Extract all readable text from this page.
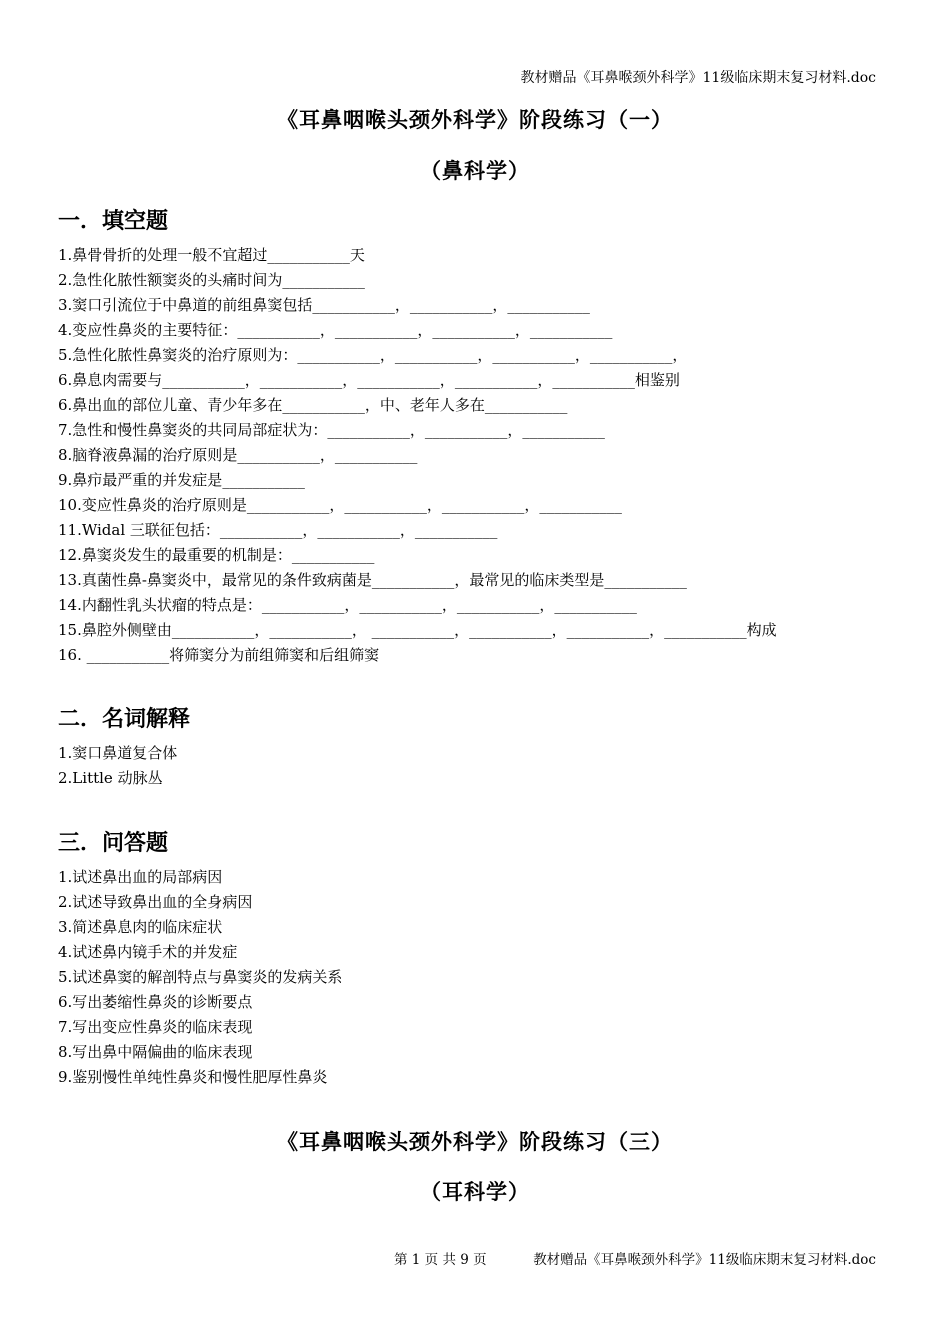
教材赠品《耳鼻喉颈外科学》11级临床期末复习材料.doc
《耳鼻咽喉头颈外科学》阶段练习（一）
（鼻科学）
一．填空题
1.鼻骨骨折的处理一般不宜超过___________天
2.急性化脓性额窦炎的头痛时间为___________
3.窦口引流位于中鼻道的前组鼻窦包括___________，___________，___________
4.变应性鼻炎的主要特征：___________，___________，___________，___________
5.急性化脓性鼻窦炎的治疗原则为：___________，___________，___________，___________，
6.鼻息肉需要与___________，___________，___________，___________，___________相鉴别
6.鼻出血的部位儿童、青少年多在___________，中、老年人多在___________
7.急性和慢性鼻窦炎的共同局部症状为：___________，___________，___________
8.脑脊液鼻漏的治疗原则是___________，___________
9.鼻疖最严重的并发症是___________
10.变应性鼻炎的治疗原则是___________，___________，___________，___________
11.Widal 三联征包括：___________，___________，___________
12.鼻窦炎发生的最重要的机制是：___________
13.真菌性鼻-鼻窦炎中，最常见的条件致病菌是___________，最常见的临床类型是___________
14.内翻性乳头状瘤的特点是：___________，___________，___________，___________
15.鼻腔外侧壁由___________，___________， ___________，___________，___________，___________构成
16. ___________将筛窦分为前组筛窦和后组筛窦
二．名词解释
1.窦口鼻道复合体
2.Little 动脉丛
三．问答题
1.试述鼻出血的局部病因
2.试述导致鼻出血的全身病因
3.简述鼻息肉的临床症状
4.试述鼻内镜手术的并发症
5.试述鼻窦的解剖特点与鼻窦炎的发病关系
6.写出萎缩性鼻炎的诊断要点
7.写出变应性鼻炎的临床表现
8.写出鼻中隔偏曲的临床表现
9.鉴别慢性单纯性鼻炎和慢性肥厚性鼻炎
《耳鼻咽喉头颈外科学》阶段练习（三）
（耳科学）
第 1 页 共 9 页	教材赠品《耳鼻喉颈外科学》11级临床期末复习材料.doc
